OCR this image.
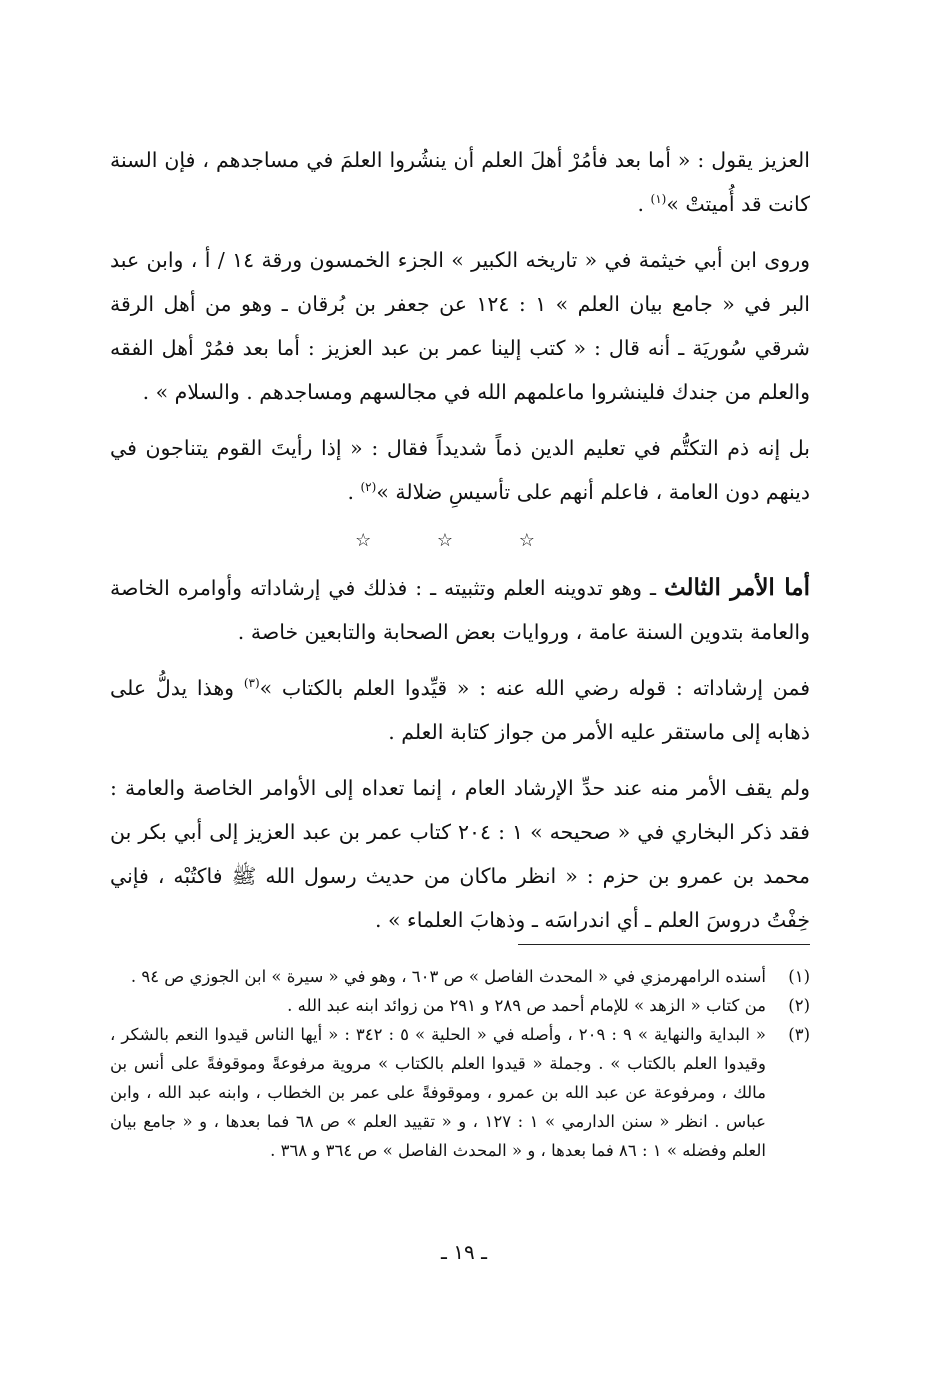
العزيز يقول : « أما بعد فأمُرْ أهلَ العلم أن ينشُروا العلمَ في مساجدهم ، فإن السنة كانت قد أُميتتْ »$^{(١)}$ .

وروى ابن أبي خيثمة في « تاريخه الكبير » الجزء الخمسون ورقة ١٤ / أ ، وابن عبد البر في « جامع بيان العلم » ١ : ١٢٤ عن جعفر بن بُرقان ـ وهو من أهل الرقة شرقي سُوريَة ـ أنه قال : « كتب إلينا عمر بن عبد العزيز : أما بعد فمُرْ أهل الفقه والعلم من جندك فلينشروا ماعلمهم الله في مجالسهم ومساجدهم . والسلام » .

بل إنه ذم التكتُّم في تعليم الدين ذماً شديداً فقال : « إذا رأيتَ القوم يتناجون في دينهم دون العامة ، فاعلم أنهم على تأسيسِ ضلالة »$^{(٢)}$ .

☆ ☆ ☆

أما الأمر الثالث ـ وهو تدوينه العلم وتثبيته ـ : فذلك في إرشاداته وأوامره الخاصة والعامة بتدوين السنة عامة ، وروايات بعض الصحابة والتابعين خاصة .

فمن إرشاداته : قوله رضي الله عنه : « قيِّدوا العلم بالكتاب »$^{(٣)}$ وهذا يدلُّ على ذهابه إلى ماستقر عليه الأمر من جواز كتابة العلم .

ولم يقف الأمر منه عند حدِّ الإرشاد العام ، إنما تعداه إلى الأوامر الخاصة والعامة : فقد ذكر البخاري في « صحيحه » ١ : ٢٠٤ كتاب عمر بن عبد العزيز إلى أبي بكر بن محمد بن عمرو بن حزم : « انظر ماكان من حديث رسول الله ﷺ فاكتُبْه ، فإني خِفْتُ دروسَ العلم ـ أي اندراسَه ـ وذهابَ العلماء » .

(١)
أسنده الرامهرمزي في « المحدث الفاصل » ص ٦٠٣ ، وهو في « سيرة » ابن الجوزي ص ٩٤ .
(٢)
من كتاب « الزهد » للإمام أحمد ص ٢٨٩ و ٢٩١ من زوائد ابنه عبد الله .
(٣)
« البداية والنهاية » ٩ : ٢٠٩ ، وأصله في « الحلية » ٥ : ٣٤٢ : « أيها الناس قيدوا النعم بالشكر ، وقيدوا العلم بالكتاب » . وجملة « قيدوا العلم بالكتاب » مروية مرفوعةً وموقوفةً على أنس بن مالك ، ومرفوعة عن عبد الله بن عمرو ، وموقوفةً على عمر بن الخطاب ، وابنه عبد الله ، وابن عباس . انظر « سنن الدارمي » ١ : ١٢٧ ، و « تقييد العلم » ص ٦٨ فما بعدها ، و « جامع بيان العلم وفضله » ١ : ٨٦ فما بعدها ، و « المحدث الفاصل » ص ٣٦٤ و ٣٦٨ .
ـ ١٩ ـ
